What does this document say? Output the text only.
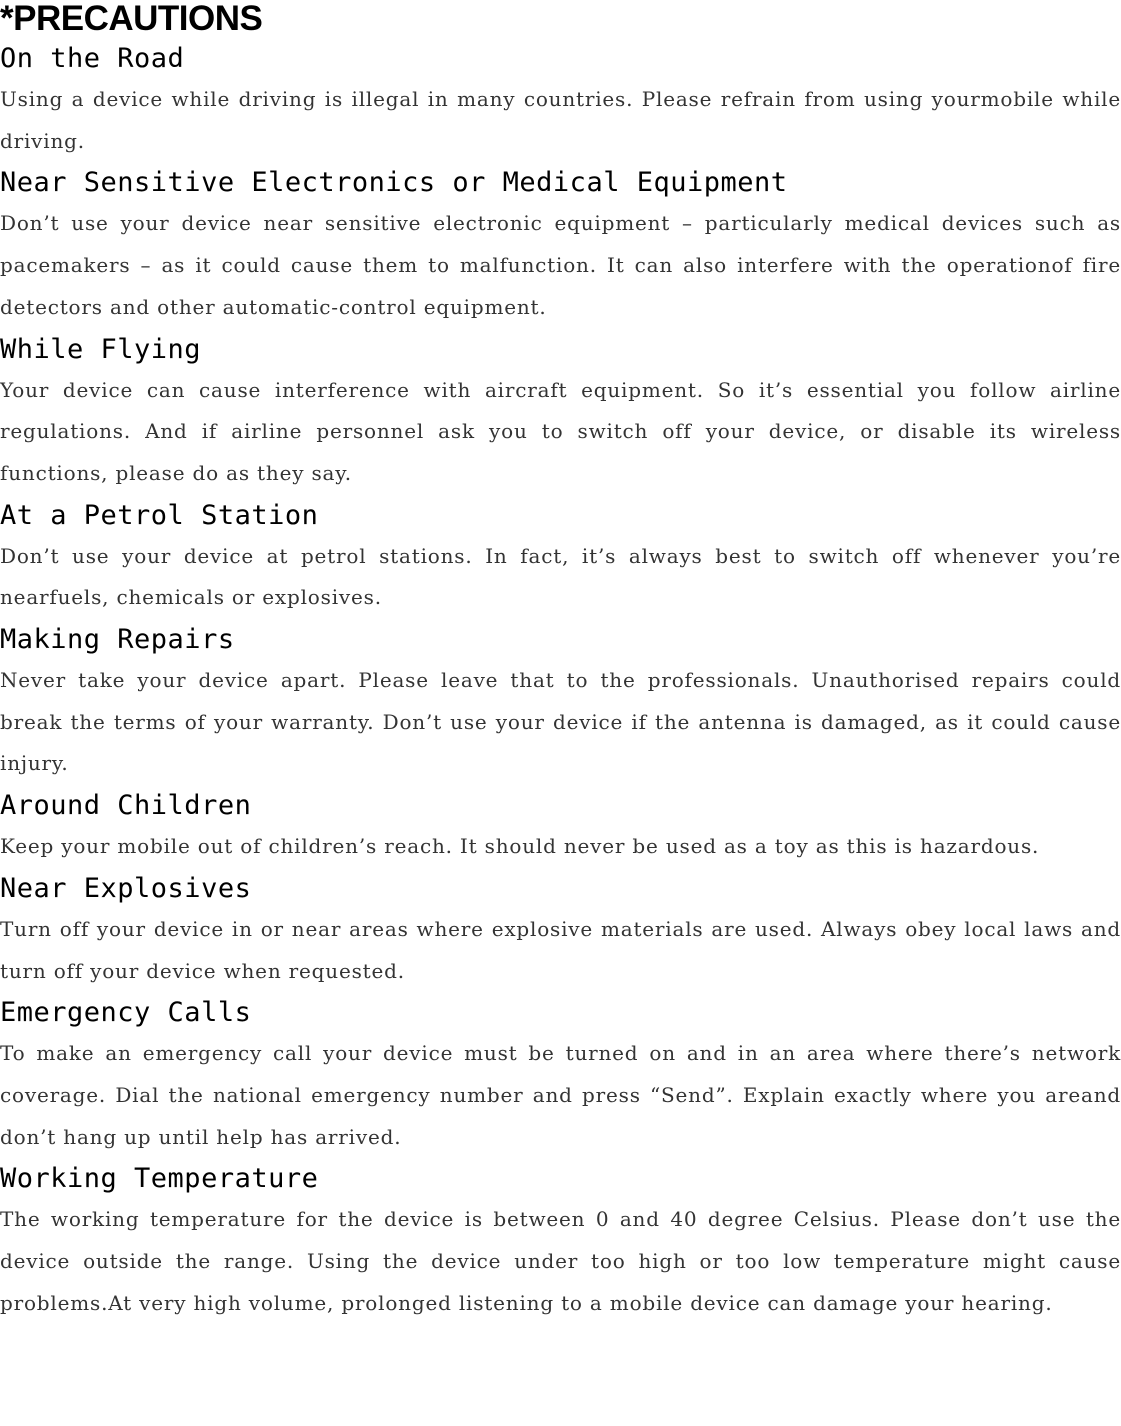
*PRECAUTIONS
On the Road

Using a device while driving is illegal in many countries. Please refrain from using yourmobile while driving.

Near Sensitive Electronics or Medical Equipment

Don’t use your device near sensitive electronic equipment – particularly medical devices such as pacemakers – as it could cause them to malfunction. It can also interfere with the operationof fire detectors and other automatic-control equipment.

While Flying

Your device can cause interference with aircraft equipment. So it’s essential you follow airline regulations. And if airline personnel ask you to switch off your device, or disable its wireless functions, please do as they say.

At a Petrol Station

Don’t use your device at petrol stations. In fact, it’s always best to switch off whenever you’re nearfuels, chemicals or explosives.

Making Repairs

Never take your device apart. Please leave that to the professionals. Unauthorised repairs could break the terms of your warranty. Don’t use your device if the antenna is damaged, as it could cause injury.

Around Children

Keep your mobile out of children’s reach. It should never be used as a toy as this is hazardous.

Near Explosives

Turn off your device in or near areas where explosive materials are used. Always obey local laws and turn off your device when requested.

Emergency Calls

To make an emergency call your device must be turned on and in an area where there’s network coverage. Dial the national emergency number and press “Send”. Explain exactly where you areand don’t hang up until help has arrived.

Working Temperature

The working temperature for the device is between 0 and 40 degree Celsius. Please don’t use the device outside the range. Using the device under too high or too low temperature might cause problems.At very high volume, prolonged listening to a mobile device can damage your hearing.
